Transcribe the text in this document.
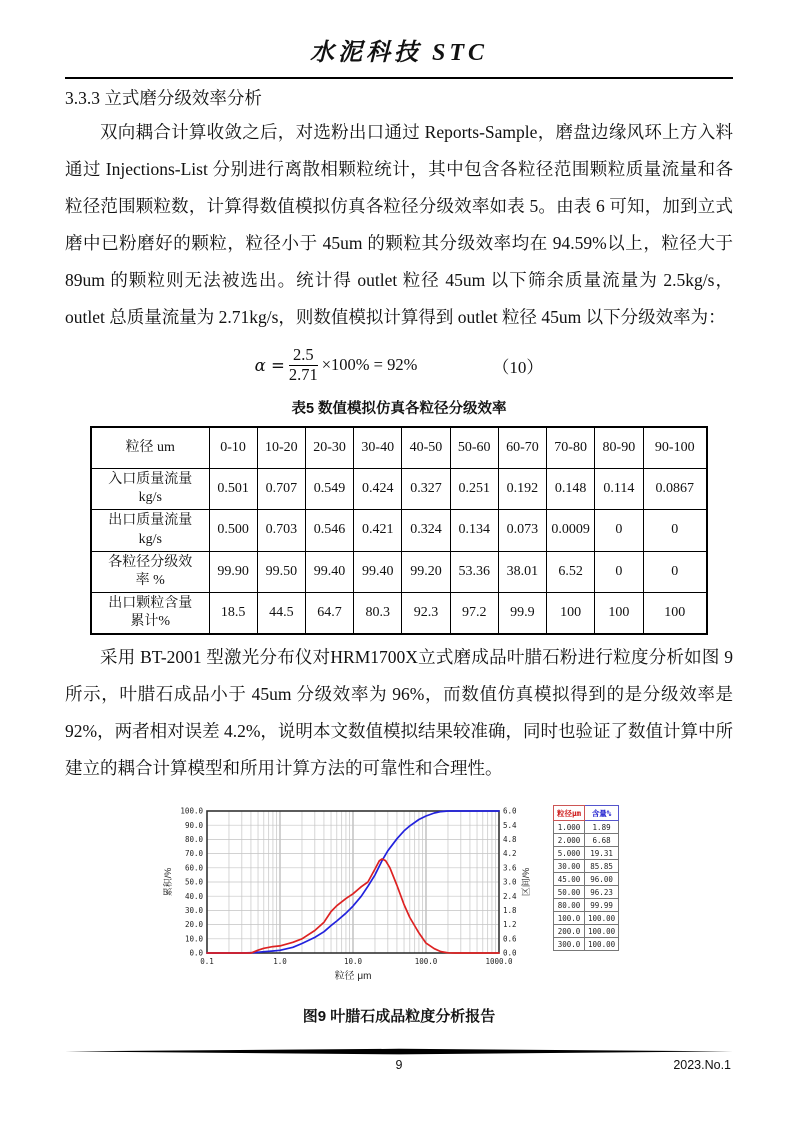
水泥科技 STC
3.3.3 立式磨分级效率分析

双向耦合计算收敛之后，对选粉出口通过 Reports-Sample，磨盘边缘风环上方入料通过 Injections-List 分别进行离散相颗粒统计，其中包含各粒径范围颗粒质量流量和各粒径范围颗粒数，计算得数值模拟仿真各粒径分级效率如表 5。由表 6 可知，加到立式磨中已粉磨好的颗粒，粒径小于 45um 的颗粒其分级效率均在 94.59%以上，粒径大于 89um 的颗粒则无法被选出。统计得 outlet 粒径 45um 以下筛余质量流量为 2.5kg/s，outlet 总质量流量为 2.71kg/s，则数值模拟计算得到 outlet 粒径 45um 以下分级效率为：

$\alpha = \frac{2.5}{2.71} \times 100\% = 92\%$	（10）
表5 数值模拟仿真各粒径分级效率
粒径 um	0-10	10-20	20-30	30-40	40-50	50-60	60-70	70-80	80-90	90-100
入口质量流量
kg/s	0.501	0.707	0.549	0.424	0.327	0.251	0.192	0.148	0.114	0.0867
出口质量流量
kg/s	0.500	0.703	0.546	0.421	0.324	0.134	0.073	0.0009	0	0
各粒径分级效
率 %	99.90	99.50	99.40	99.40	99.20	53.36	38.01	6.52	0	0
出口颗粒含量
累计%	18.5	44.5	64.7	80.3	92.3	97.2	99.9	100	100	100

采用 BT-2001 型激光分布仪对HRM1700X立式磨成品叶腊石粉进行粒度分析如图 9 所示，叶腊石成品小于 45um 分级效率为 96%，而数值仿真模拟得到的是分级效率是 92%，两者相对误差 4.2%，说明本文数值模拟结果较准确，同时也验证了数值计算中所建立的耦合计算模型和所用计算方法的可靠性和合理性。

0.0
10.0
20.0
30.0
40.0
50.0
60.0
70.0
80.0
90.0
100.0
0.0
0.6
1.2
1.8
2.4
3.0
3.6
4.2
4.8
5.4
6.0
0.1	1.0	10.0	100.0	1000.0
粒径 μm
累积/%	区间/%
粒径μm	含量%
1.000	1.89
2.000	6.68
5.000	19.31
30.00	85.85
45.00	96.00
50.00	96.23
80.00	99.99
100.0	100.00
200.0	100.00
300.0	100.00
图9 叶腊石成品粒度分析报告
9	2023.No.1
